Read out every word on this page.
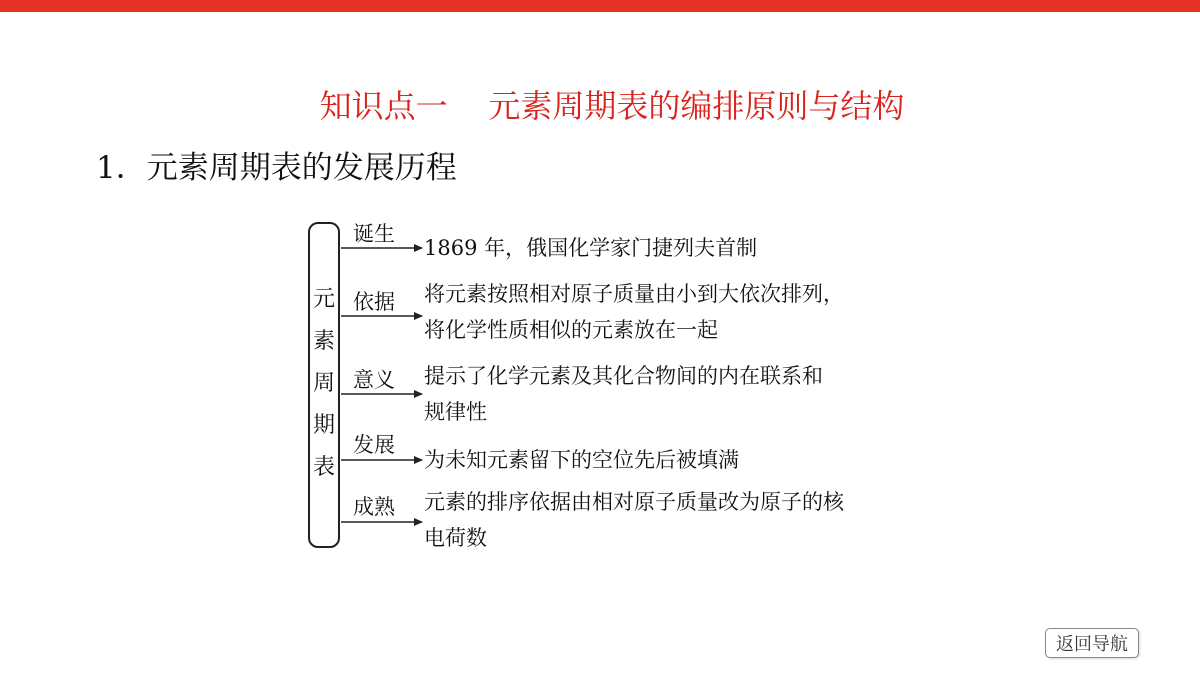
知识点一    元素周期表的编排原则与结构
1．元素周期表的发展历程
元
素
周
期
表
诞生
依据
意义
发展
成熟
1869 年，俄国化学家门捷列夫首制
将元素按照相对原子质量由小到大依次排列，
将化学性质相似的元素放在一起
提示了化学元素及其化合物间的内在联系和
规律性
为未知元素留下的空位先后被填满
元素的排序依据由相对原子质量改为原子的核
电荷数
返回导航
